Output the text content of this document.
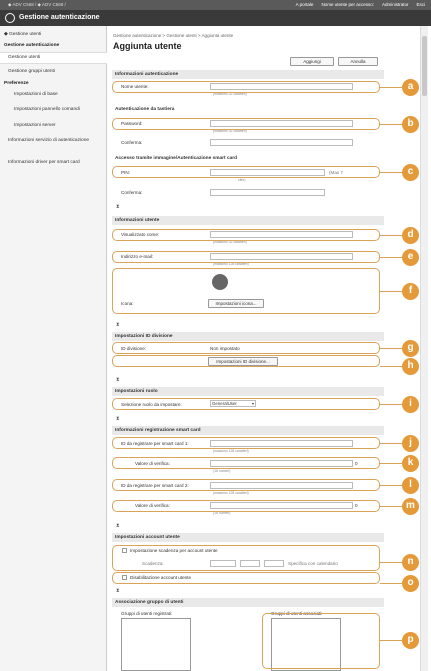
◆ ADV C568 / ◆ ADV C568 /	A portale Nome utente per accesso: Administrator Esci
Gestione autenticazione
◆ Gestione utenti
Gestione autenticazione
Gestione utenti
Gestione gruppi utenti
Preferenze
Impostazioni di base
Impostazioni pannello comandi
Impostazioni server
Informazioni servizio di autenticazione
Informazioni driver per smart card
Gestione autenticazione > Gestione utenti > Aggiunta utente
Aggiunta utente
Aggiungi	Annulla
Informazioni autenticazione
Nome utente:
(massimo 32 caratteri)
Autenticazione da tastiera
Password:
(massimo 32 caratteri)
Conferma:
Accesso tramite immagine/Autenticazione smart card
PIN:	(Max 7
cifre)
Conferma:
⧗
Informazioni utente
Visualizzato come:
(massimo 32 caratteri)
Indirizzo e-mail:
(massimo 128 caratteri)
Icona:	Impostazioni icona...
⧗
Impostazioni ID divisione
ID divisione:	Non impostato
Impostazioni ID divisione...
⧗
Impostazioni ruolo
Selezione ruolo da impostare:	GeneralUser	▾
⧗
Informazioni registrazione smart card
ID da registrare per smart card 1:
(massimo 128 caratteri)
Valore di verifica:	0
(16 numeri)
ID da registrare per smart card 2:
(massimo 128 caratteri)
Valore di verifica:	0
(16 numeri)
⧗
Impostazioni account utente
Impostazione scadenza per account utente
Scadenza:	Specifica con calendario
Disabilitazione account utente
⧗
Associazione gruppo di utenti
Gruppi di utenti registrati:	Gruppi di utenti associati:
a
b
c
d
e
f
g
h
i
j
k
l
m
n
o
p
